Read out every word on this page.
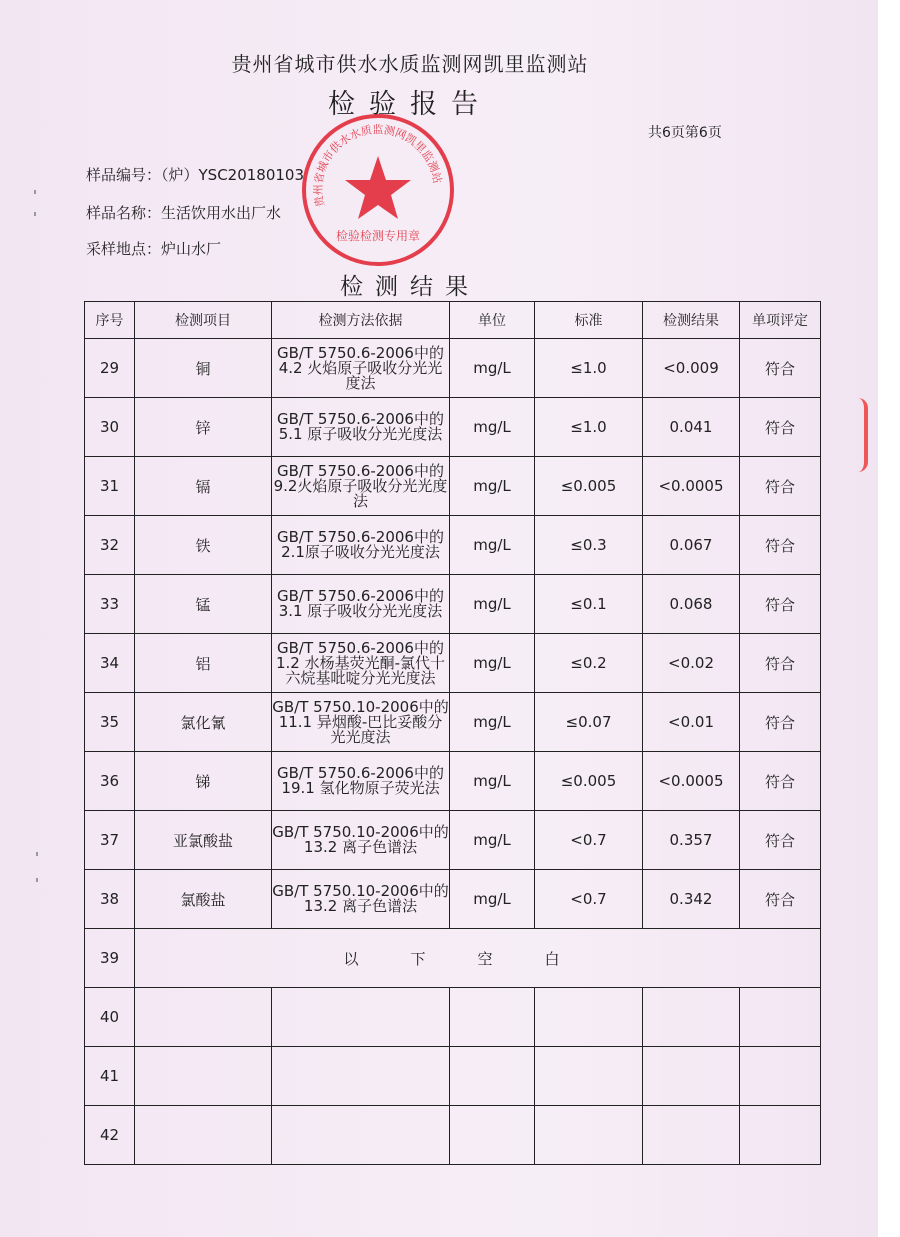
贵州省城市供水水质监测网凯里监测站
检验报告
共6页第6页
样品编号：（炉）YSC20180103
样品名称：生活饮用水出厂水
采样地点：炉山水厂
检测结果
序号	检测项目	检测方法依据	单位	标准	检测结果	单项评定
29	铜	GB/T 5750.6-2006中的4.2 火焰原子吸收分光光度法	mg/L	≤1.0	<0.009	符合
30	锌	GB/T 5750.6-2006中的5.1 原子吸收分光光度法	mg/L	≤1.0	0.041	符合
31	镉	GB/T 5750.6-2006中的9.2火焰原子吸收分光光度法	mg/L	≤0.005	<0.0005	符合
32	铁	GB/T 5750.6-2006中的2.1原子吸收分光光度法	mg/L	≤0.3	0.067	符合
33	锰	GB/T 5750.6-2006中的3.1 原子吸收分光光度法	mg/L	≤0.1	0.068	符合
34	铝	GB/T 5750.6-2006中的1.2 水杨基荧光酮-氯代十六烷基吡啶分光光度法	mg/L	≤0.2	<0.02	符合
35	氯化氰	GB/T 5750.10-2006中的11.1 异烟酸-巴比妥酸分光光度法	mg/L	≤0.07	<0.01	符合
36	锑	GB/T 5750.6-2006中的19.1 氢化物原子荧光法	mg/L	≤0.005	<0.0005	符合
37	亚氯酸盐	GB/T 5750.10-2006中的13.2 离子色谱法	mg/L	<0.7	0.357	符合
38	氯酸盐	GB/T 5750.10-2006中的13.2 离子色谱法	mg/L	<0.7	0.342	符合
39	以下空白					
40						
41						
42						
贵州省城市供水水质监测网凯里监测站
检验检测专用章
